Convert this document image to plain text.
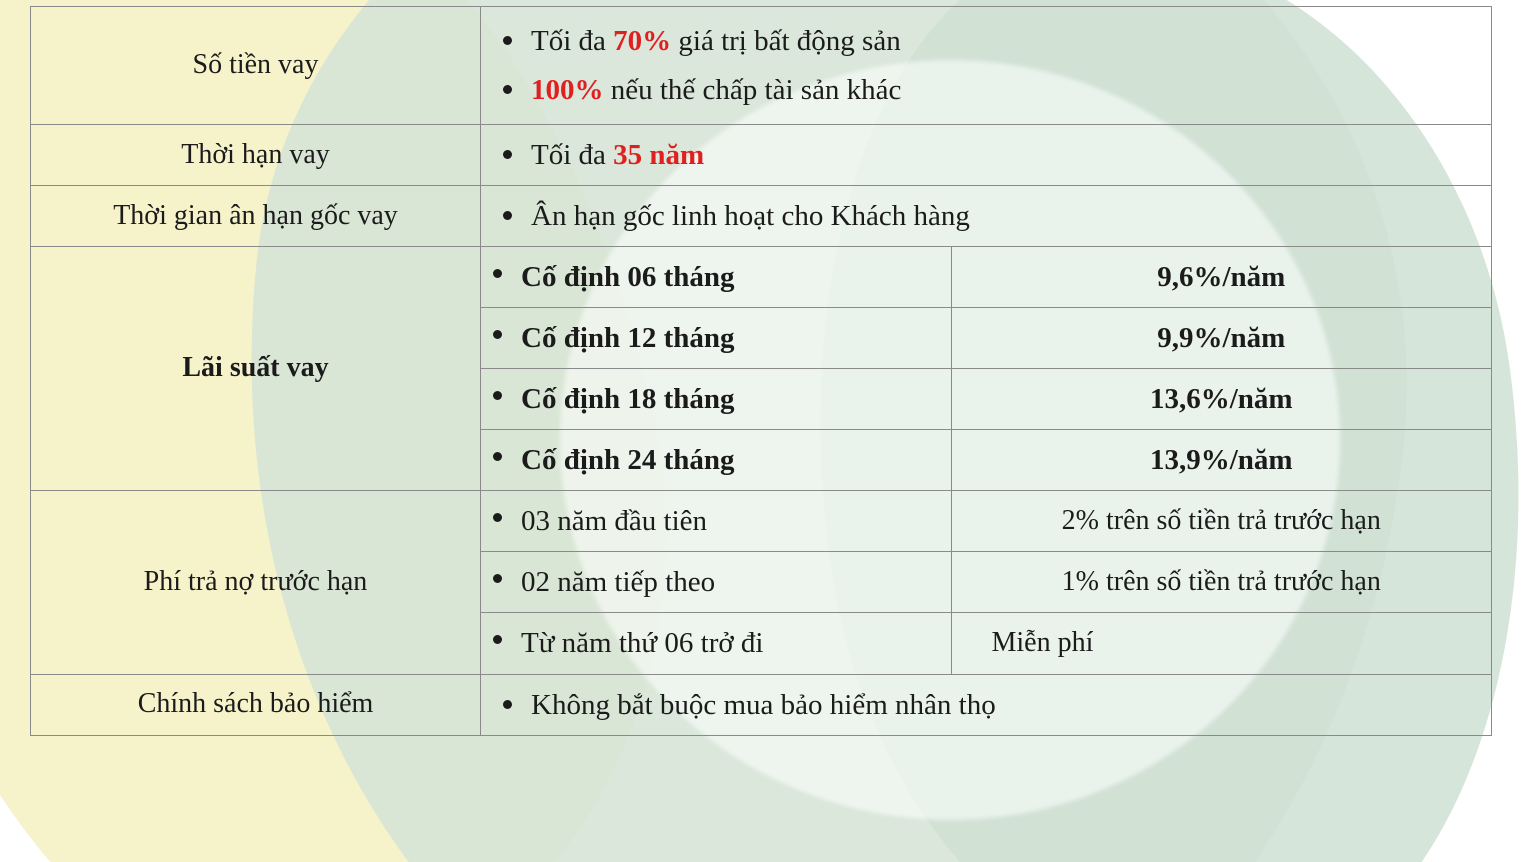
Số tiền vay	
Tối đa 70% giá trị bất động sản
100% nếu thế chấp tài sản khác

Thời hạn vay	Tối đa 35 năm

Thời gian ân hạn gốc vay	Ân hạn gốc linh hoạt cho Khách hàng

Lãi suất vay	
Cố định 06 tháng	9,6%/năm

Cố định 12 tháng	9,9%/năm

Cố định 18 tháng	13,6%/năm

Cố định 24 tháng	13,9%/năm

Phí trả nợ trước hạn	
03 năm đầu tiên	2% trên số tiền trả trước hạn

02 năm tiếp theo	1% trên số tiền trả trước hạn

Từ năm thứ 06 trở đi	Miễn phí

Chính sách bảo hiểm	Không bắt buộc mua bảo hiểm nhân thọ
